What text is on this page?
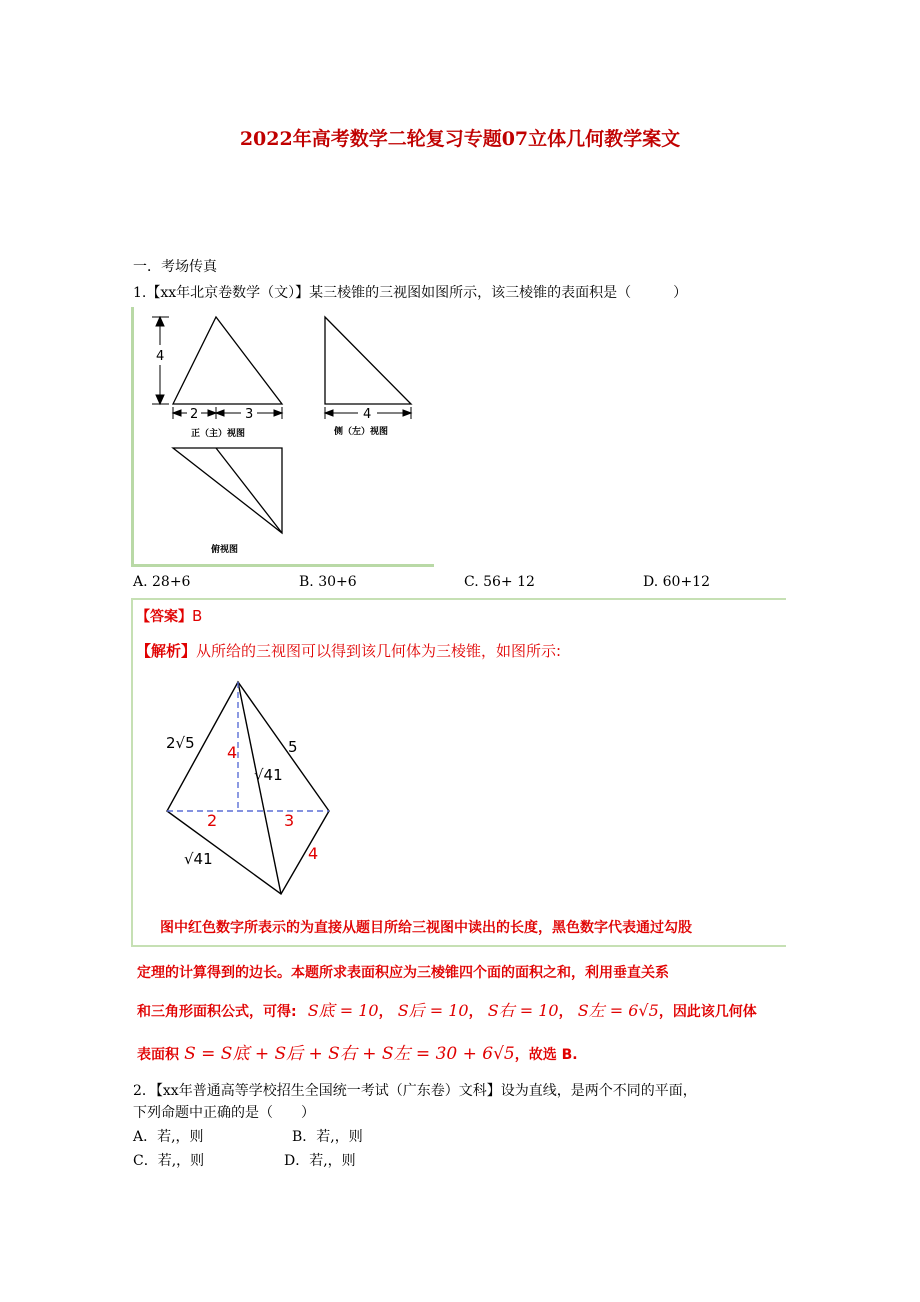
2022年高考数学二轮复习专题07立体几何教学案文
一．考场传真
1.【xx年北京卷数学（文）】某三棱锥的三视图如图所示，该三棱锥的表面积是（　　　）
4
2	3
正（主）视图
4
侧（左）视图
俯视图
A. 28+6	B. 30+6	C. 56+ 12	D. 60+12
【答案】B
【解析】从所给的三视图可以得到该几何体为三棱锥，如图所示:
2√5	5
√41
√41
4
2	3
4
图中红色数字所表示的为直接从题目所给三视图中读出的长度，黑色数字代表通过勾股
定理的计算得到的边长。本题所求表面积应为三棱锥四个面的面积之和，利用垂直关系
和三角形面积公式，可得: S底 = 10， S后 = 10， S右 = 10， S左 = 6√5，因此该几何体
表面积 S = S底 + S后 + S右 + S左 = 30 + 6√5，故选 B.
2．【xx年普通高等学校招生全国统一考试（广东卷）文科】设为直线，是两个不同的平面，
下列命题中正确的是（　　）
A．若,，则	B．若,，则
C．若,，则	D．若,，则
